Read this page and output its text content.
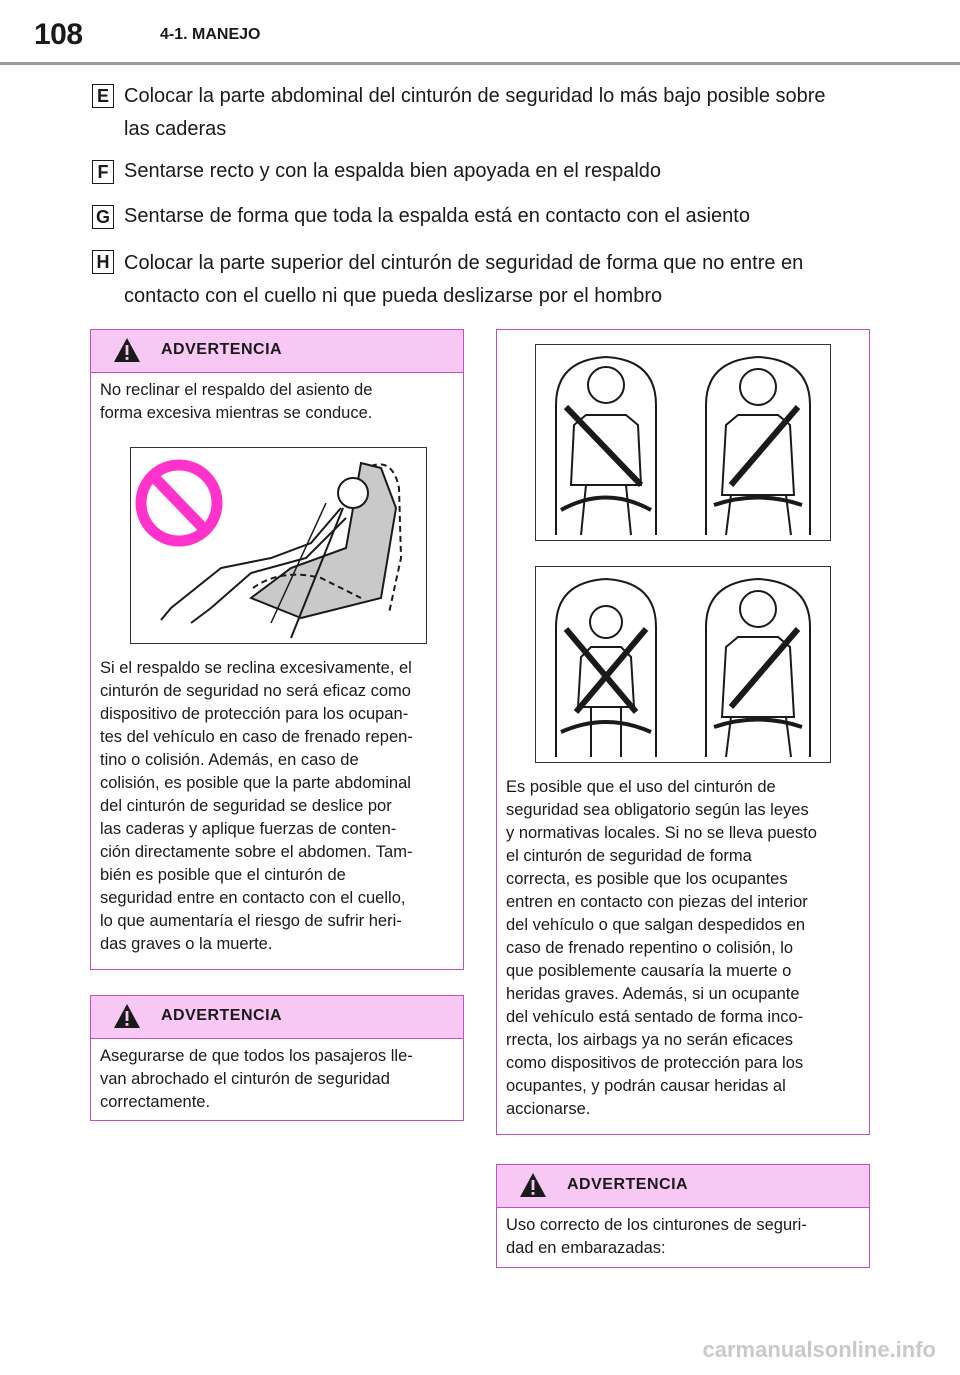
108	4-1. MANEJO
E Colocar la parte abdominal del cinturón de seguridad lo más bajo posible sobre
las caderas
F Sentarse recto y con la espalda bien apoyada en el respaldo
G Sentarse de forma que toda la espalda está en contacto con el asiento
H Colocar la parte superior del cinturón de seguridad de forma que no entre en
contacto con el cuello ni que pueda deslizarse por el hombro
ADVERTENCIA
No reclinar el respaldo del asiento de
forma excesiva mientras se conduce.
Si el respaldo se reclina excesivamente, el
cinturón de seguridad no será eficaz como
dispositivo de protección para los ocupan-
tes del vehículo en caso de frenado repen-
tino o colisión. Además, en caso de
colisión, es posible que la parte abdominal
del cinturón de seguridad se deslice por
las caderas y aplique fuerzas de conten-
ción directamente sobre el abdomen. Tam-
bién es posible que el cinturón de
seguridad entre en contacto con el cuello,
lo que aumentaría el riesgo de sufrir heri-
das graves o la muerte.
ADVERTENCIA
Asegurarse de que todos los pasajeros lle-
van abrochado el cinturón de seguridad
correctamente.
Es posible que el uso del cinturón de
seguridad sea obligatorio según las leyes
y normativas locales. Si no se lleva puesto
el cinturón de seguridad de forma
correcta, es posible que los ocupantes
entren en contacto con piezas del interior
del vehículo o que salgan despedidos en
caso de frenado repentino o colisión, lo
que posiblemente causaría la muerte o
heridas graves. Además, si un ocupante
del vehículo está sentado de forma inco-
rrecta, los airbags ya no serán eficaces
como dispositivos de protección para los
ocupantes, y podrán causar heridas al
accionarse.
ADVERTENCIA
Uso correcto de los cinturones de seguri-
dad en embarazadas:
carmanualsonline.info
